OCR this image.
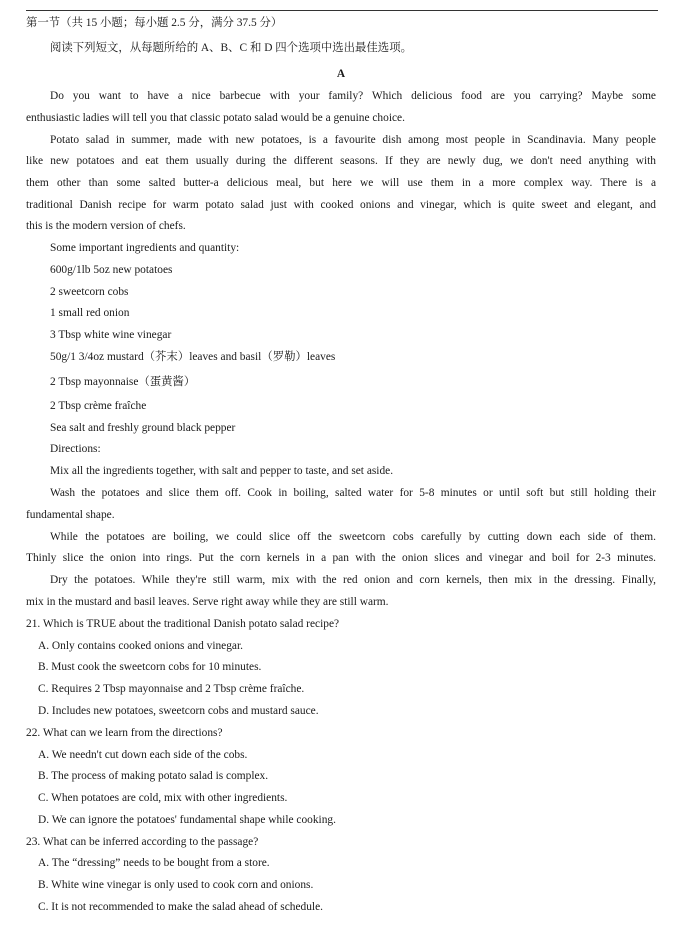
第一节（共 15 小题；每小题 2.5 分，满分 37.5 分）
阅读下列短文，从每题所给的 A、B、C 和 D 四个选项中选出最佳选项。
A
Do you want to have a nice barbecue with your family? Which delicious food are you carrying? Maybe some
enthusiastic ladies will tell you that classic potato salad would be a genuine choice.
Potato salad in summer, made with new potatoes, is a favourite dish among most people in Scandinavia. Many people
like new potatoes and eat them usually during the different seasons. If they are newly dug, we don't need anything with
them other than some salted butter-a delicious meal, but here we will use them in a more complex way. There is a
traditional Danish recipe for warm potato salad just with cooked onions and vinegar, which is quite sweet and elegant, and
this is the modern version of chefs.
Some important ingredients and quantity:
600g/1lb 5oz new potatoes
2 sweetcorn cobs
1 small red onion
3 Tbsp white wine vinegar
50g/1 3/4oz mustard（芥末）leaves and basil（罗勒）leaves
2 Tbsp mayonnaise（蛋黄酱）
2 Tbsp crème fraîche
Sea salt and freshly ground black pepper
Directions:
Mix all the ingredients together, with salt and pepper to taste, and set aside.
Wash the potatoes and slice them off. Cook in boiling, salted water for 5-8 minutes or until soft but still holding their
fundamental shape.
While the potatoes are boiling, we could slice off the sweetcorn cobs carefully by cutting down each side of them.
Thinly slice the onion into rings. Put the corn kernels in a pan with the onion slices and vinegar and boil for 2-3 minutes.
Dry the potatoes. While they're still warm, mix with the red onion and corn kernels, then mix in the dressing. Finally,
mix in the mustard and basil leaves. Serve right away while they are still warm.
21. Which is TRUE about the traditional Danish potato salad recipe?
A. Only contains cooked onions and vinegar.
B. Must cook the sweetcorn cobs for 10 minutes.
C. Requires 2 Tbsp mayonnaise and 2 Tbsp crème fraîche.
D. Includes new potatoes, sweetcorn cobs and mustard sauce.
22. What can we learn from the directions?
A. We needn't cut down each side of the cobs.
B. The process of making potato salad is complex.
C. When potatoes are cold, mix with other ingredients.
D. We can ignore the potatoes' fundamental shape while cooking.
23. What can be inferred according to the passage?
A. The “dressing” needs to be bought from a store.
B. White wine vinegar is only used to cook corn and onions.
C. It is not recommended to make the salad ahead of schedule.
